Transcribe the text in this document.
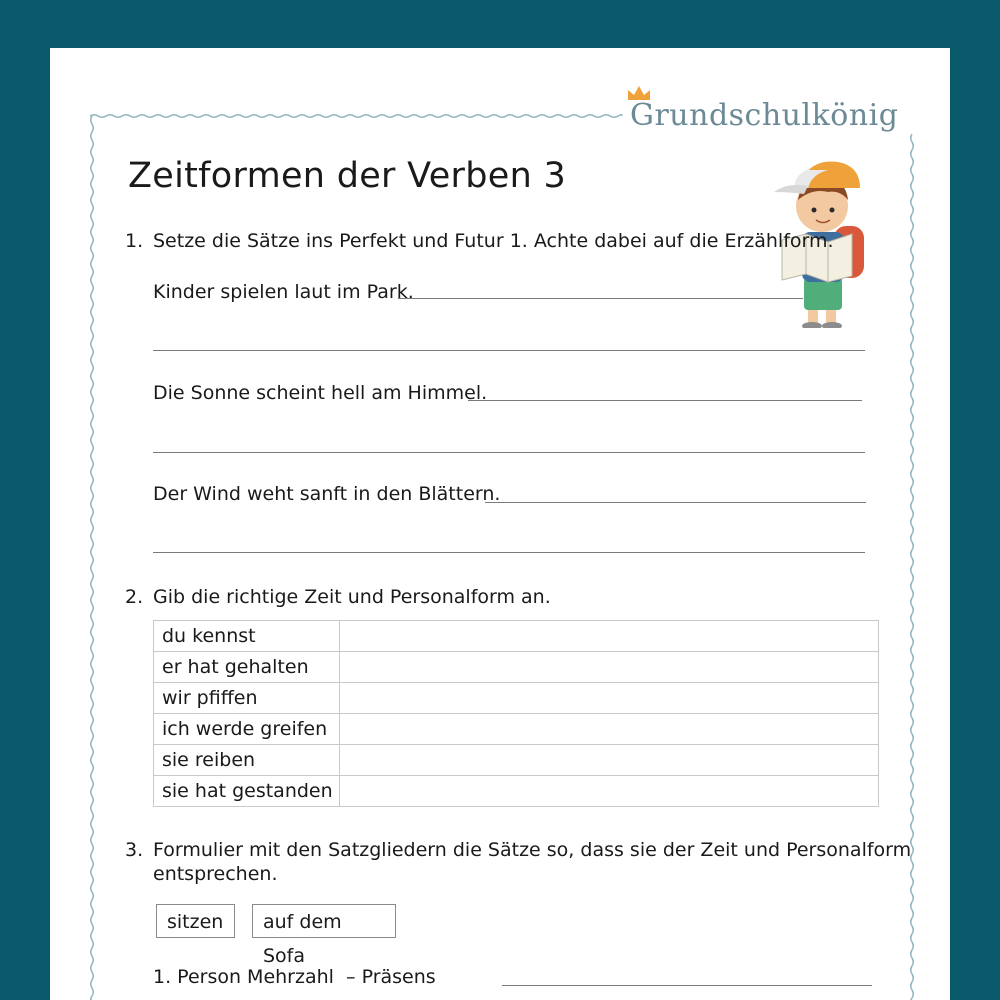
Grundschulkönig
Zeitformen der Verben 3
1. Setze die Sätze ins Perfekt und Futur 1. Achte dabei auf die Erzählform.
Kinder spielen laut im Park.
Die Sonne scheint hell am Himmel.
Der Wind weht sanft in den Blättern.
2. Gib die richtige Zeit und Personalform an.
du kennst	
er hat gehalten	
wir pfiffen	
ich werde greifen	
sie reiben	
sie hat gestanden	
3. Formulier mit den Satzgliedern die Sätze so, dass sie der Zeit und Personalform
entsprechen.
sitzen	auf dem Sofa
1. Person Mehrzahl – Präsens
